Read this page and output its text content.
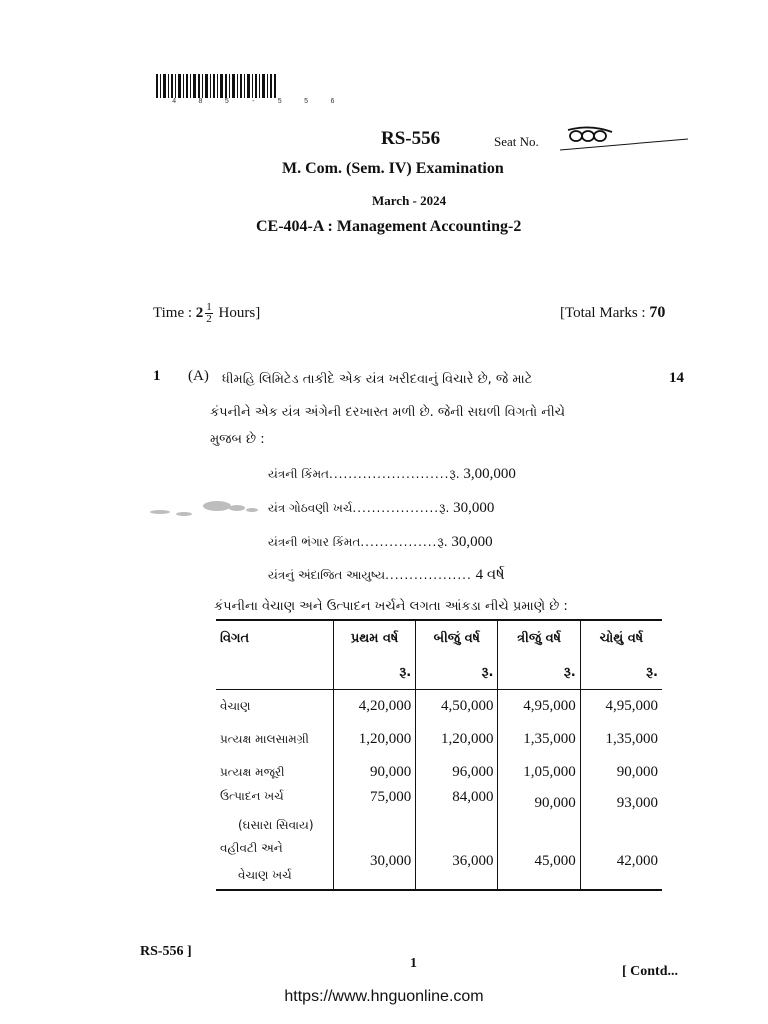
4 8 5 - 5 5 6
RS-556	Seat No.
M. Com. (Sem. IV) Examination
March - 2024
CE-404-A : Management Accounting-2
Time : $2 \frac{1}{2}$ Hours]	[Total Marks : 70
1 (A)	14
ધીમહિ લિમિટેડ તાકીદે એક યંત્ર ખરીદવાનું વિચારે છે, જે માટે
કંપનીને એક યંત્ર અંગેની દરખાસ્ત મળી છે. જેની સઘળી વિગતો નીચે
મુજબ છે :
યંત્રની કિંમત.........................રૂ. 3,00,000
યંત્ર ગોઠવણી ખર્ચ..................રૂ. 30,000
યંત્રની ભંગાર કિંમત................રૂ. 30,000
યંત્રનું અંદાજિત આયુષ્ય.................. 4 વર્ષ
કંપનીના વેચાણ અને ઉત્પાદન ખર્ચને લગતા આંકડા નીચે પ્રમાણે છે :
વિગત	પ્રથમ વર્ષ	બીજું વર્ષ	ત્રીજું વર્ષ	ચોથું વર્ષ
	રૂ.	રૂ.	રૂ.	રૂ.
વેચાણ	4,20,000	4,50,000	4,95,000	4,95,000
પ્રત્યક્ષ માલસામગ્રી	1,20,000	1,20,000	1,35,000	1,35,000
પ્રત્યક્ષ મજૂરી	90,000	96,000	1,05,000	90,000

ઉત્પાદન ખર્ચ
(ઘસારા સિવાય)	75,000	84,000	90,000	93,000

વહીવટી અને
વેચાણ ખર્ચ	30,000	36,000	45,000	42,000
RS-556 ]
1
[ Contd...
https://www.hnguonline.com
